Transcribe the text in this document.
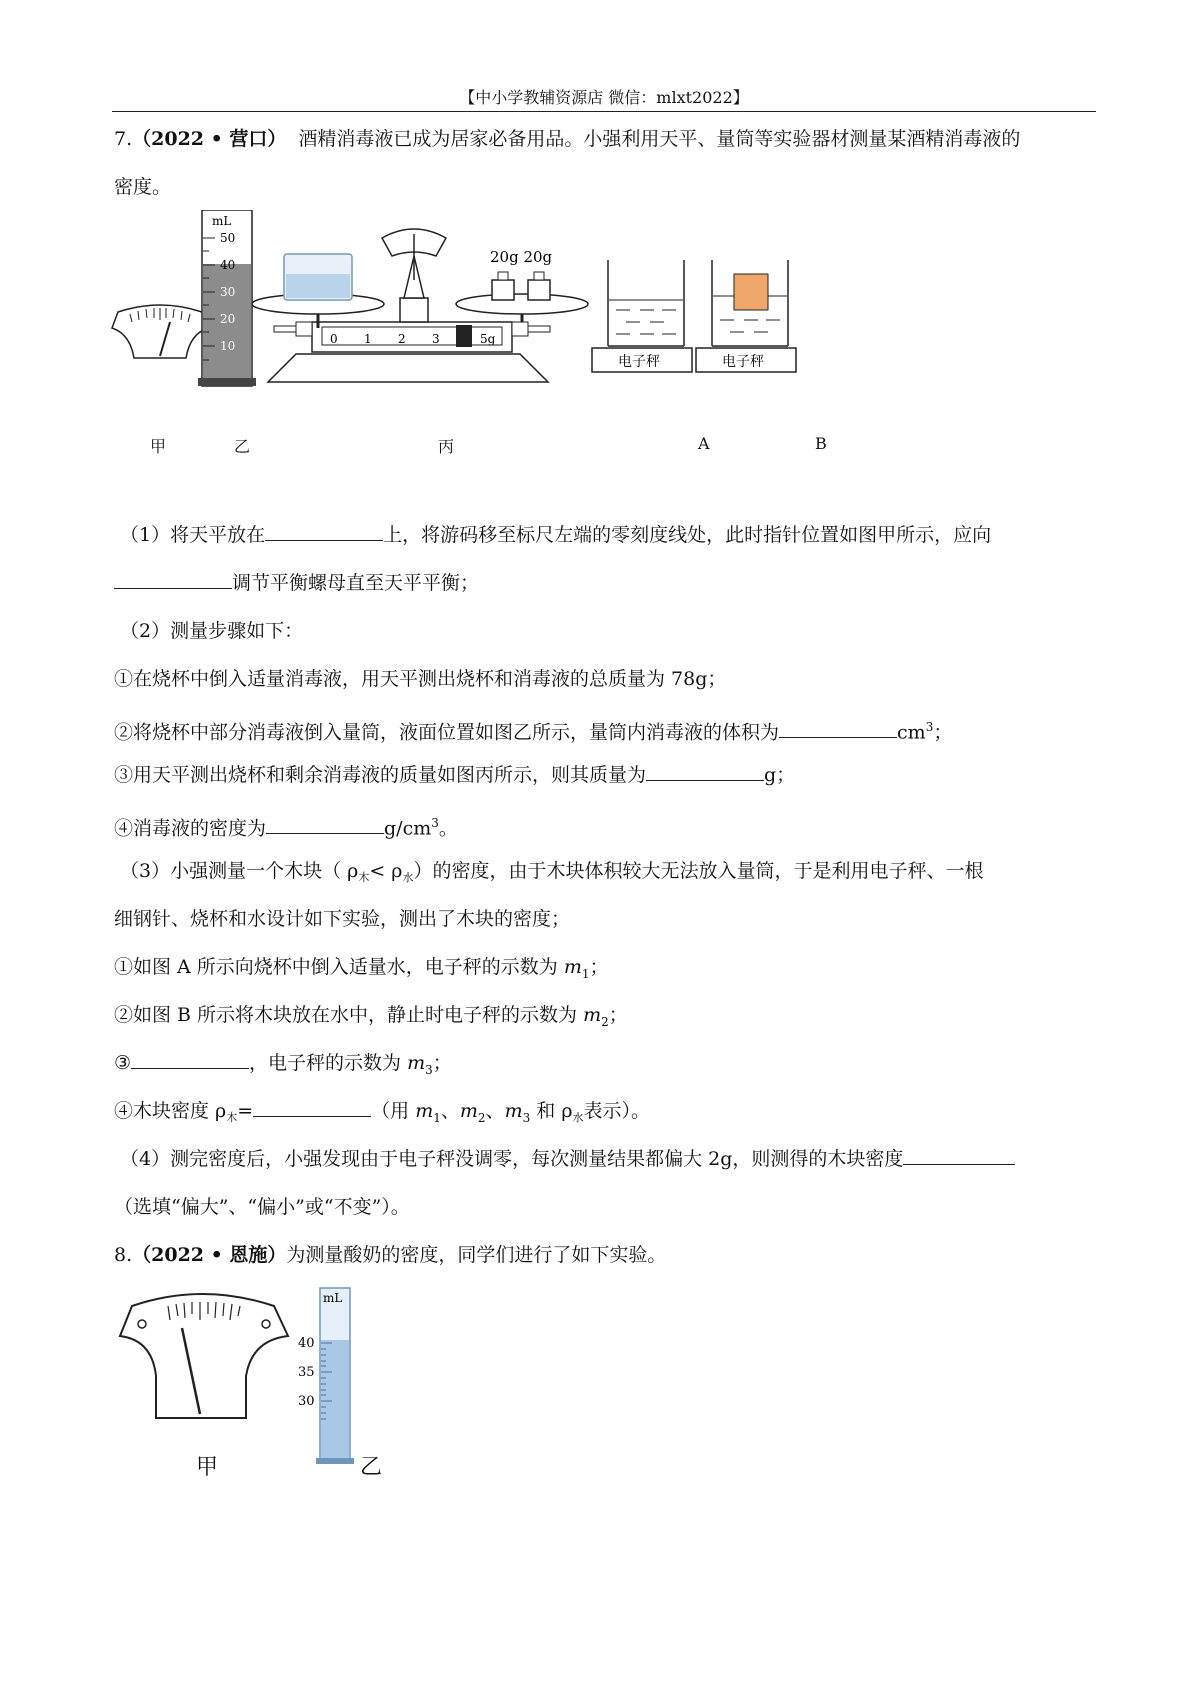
【中小学教辅资源店 微信：mlxt2022】
7.（2022 • 营口） 酒精消毒液已成为居家必备用品。小强利用天平、量筒等实验器材测量某酒精消毒液的
密度。
mL
50
40
30
20
10	0 1 2 3	5g
20g 20g
电子秤	电子秤
甲	乙	丙	A	B
（1）将天平放在	上，将游码移至标尺左端的零刻度线处，此时指针位置如图甲所示，应向
调节平衡螺母直至天平平衡；
（2）测量步骤如下：
①在烧杯中倒入适量消毒液，用天平测出烧杯和消毒液的总质量为 78g；
②将烧杯中部分消毒液倒入量筒，液面位置如图乙所示，量筒内消毒液的体积为	$cm^3$；
③用天平测出烧杯和剩余消毒液的质量如图丙所示，则其质量为	g；
④消毒液的密度为	$g/cm^3$。
（3）小强测量一个木块（ $\rho_木< \rho_水$）的密度，由于木块体积较大无法放入量筒，于是利用电子秤、一根
细钢针、烧杯和水设计如下实验，测出了木块的密度；
①如图 A 所示向烧杯中倒入适量水，电子秤的示数为 $m_1$；
②如图 B 所示将木块放在水中，静止时电子秤的示数为 $m_2$；
③	，电子秤的示数为 $m_3$；
④木块密度 $\rho_木=$	（用 $m_1$、$m_2$、$m_3$ 和 $\rho_水$表示）。
（4）测完密度后，小强发现由于电子秤没调零，每次测量结果都偏大 2g，则测得的木块密度
（选填“偏大”、“偏小”或“不变”）。
8.（2022 • 恩施）为测量酸奶的密度，同学们进行了如下实验。
mL
40
35
30
甲	乙
